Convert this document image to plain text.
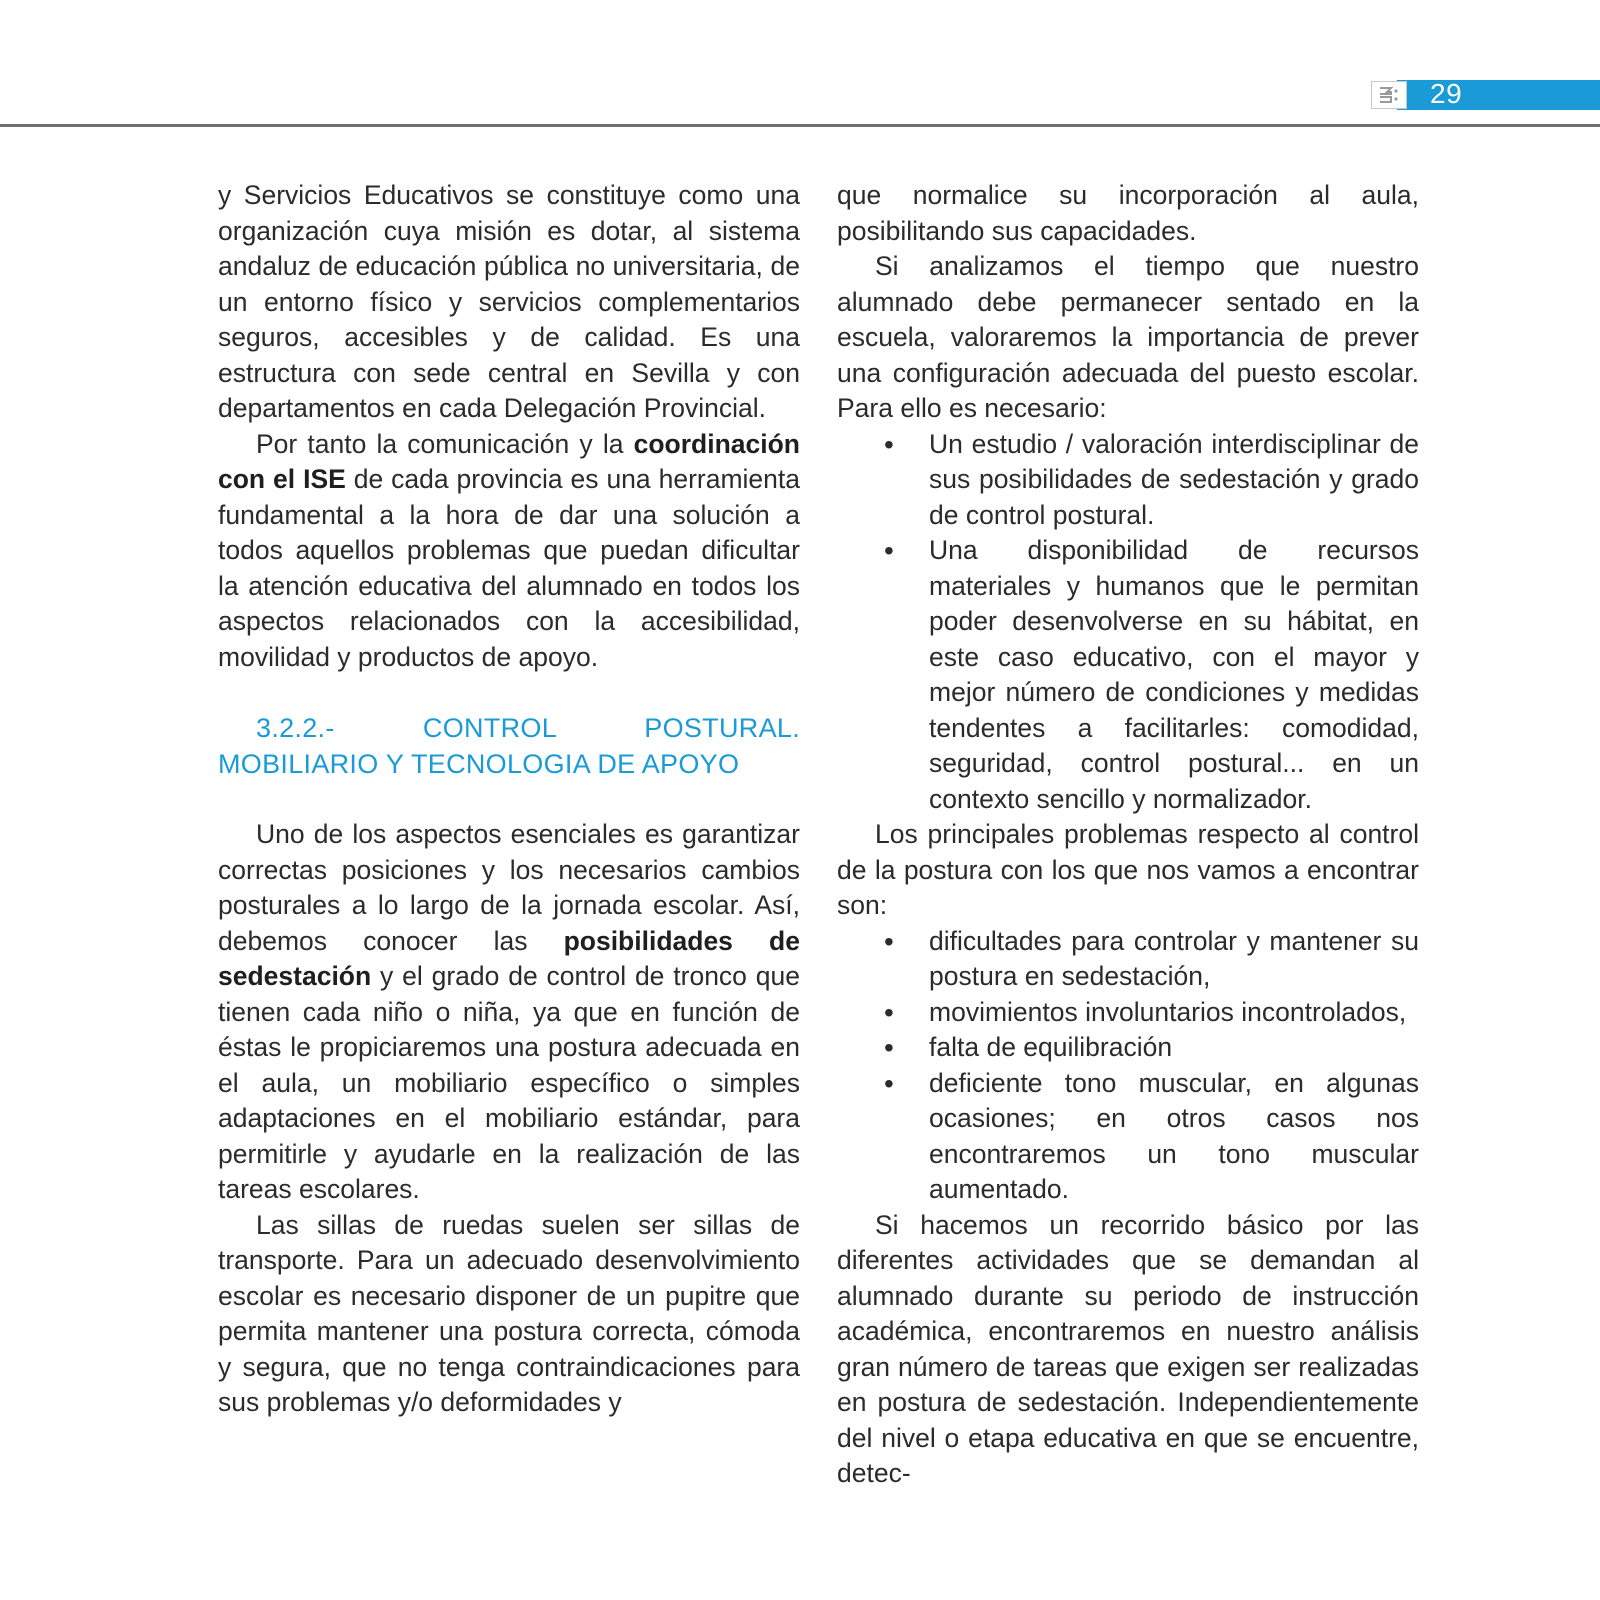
29

y Servicios Educativos se constituye como una organización cuya misión es dotar, al sistema andaluz de educación pública no universitaria, de un entorno físico y servicios complementarios seguros, accesibles y de calidad. Es una estructura con sede central en Sevilla y con departamentos en cada Delegación Provincial.

Por tanto la comunicación y la coordinación con el ISE de cada provincia es una herramienta fundamental a la hora de dar una solución a todos aquellos problemas que puedan dificultar la atención educativa del alumnado en todos los aspectos relacionados con la accesibilidad, movilidad y productos de apoyo.

3.2.2.- CONTROL POSTURAL. MOBILIARIO Y TECNOLOGIA DE APOYO

Uno de los aspectos esenciales es garantizar correctas posiciones y los necesarios cambios posturales a lo largo de la jornada escolar. Así, debemos conocer las posibilidades de sedestación y el grado de control de tronco que tienen cada niño o niña, ya que en función de éstas le propiciaremos una postura adecuada en el aula, un mobiliario específico o simples adaptaciones en el mobiliario estándar, para permitirle y ayudarle en la realización de las tareas escolares.

Las sillas de ruedas suelen ser sillas de transporte. Para un adecuado desenvolvimiento escolar es necesario disponer de un pupitre que permita mantener una postura correcta, cómoda y segura, que no tenga contraindicaciones para sus problemas y/o deformidades y

que normalice su incorporación al aula, posibilitando sus capacidades.

Si analizamos el tiempo que nuestro alumnado debe permanecer sentado en la escuela, valoraremos la importancia de prever una configuración adecuada del puesto escolar. Para ello es necesario:

• Un estudio / valoración interdisciplinar de sus posibilidades de sedestación y grado de control postural.
• Una disponibilidad de recursos materiales y humanos que le permitan poder desenvolverse en su hábitat, en este caso educativo, con el mayor y mejor número de condiciones y medidas tendentes a facilitarles: comodidad, seguridad, control postural... en un contexto sencillo y normalizador.

Los principales problemas respecto al control de la postura con los que nos vamos a encontrar son:

• dificultades para controlar y mantener su postura en sedestación,
• movimientos involuntarios incontrolados,
• falta de equilibración
• deficiente tono muscular, en algunas ocasiones; en otros casos nos encontraremos un tono muscular aumentado.

Si hacemos un recorrido básico por las diferentes actividades que se demandan al alumnado durante su periodo de instrucción académica, encontraremos en nuestro análisis gran número de tareas que exigen ser realizadas en postura de sedestación. Independientemente del nivel o etapa educativa en que se encuentre, detec-
